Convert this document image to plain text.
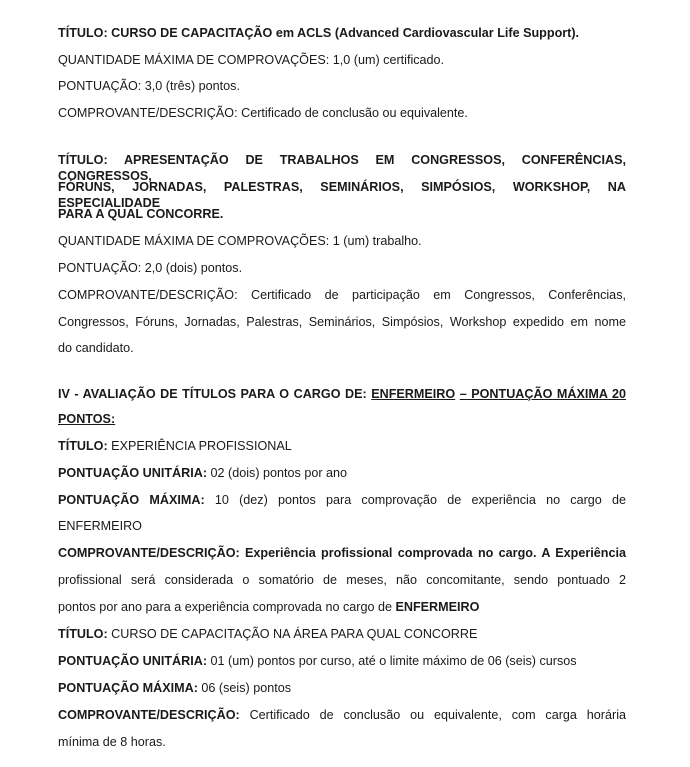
TÍTULO: CURSO DE CAPACITAÇÃO em ACLS (Advanced Cardiovascular Life Support).
QUANTIDADE MÁXIMA DE COMPROVAÇÕES: 1,0 (um) certificado.
PONTUAÇÃO: 3,0 (três) pontos.
COMPROVANTE/DESCRIÇÃO: Certificado de conclusão ou equivalente.
TÍTULO: APRESENTAÇÃO DE TRABALHOS EM CONGRESSOS, CONFERÊNCIAS, CONGRESSOS,
FÓRUNS, JORNADAS, PALESTRAS, SEMINÁRIOS, SIMPÓSIOS, WORKSHOP, NA ESPECIALIDADE
PARA A QUAL CONCORRE.
QUANTIDADE MÁXIMA DE COMPROVAÇÕES: 1 (um) trabalho.
PONTUAÇÃO: 2,0 (dois) pontos.
COMPROVANTE/DESCRIÇÃO: Certificado de participação em Congressos, Conferências,
Congressos, Fóruns, Jornadas, Palestras, Seminários, Simpósios, Workshop expedido em nome
do candidato.
IV - AVALIAÇÃO DE TÍTULOS PARA O CARGO DE: ENFERMEIRO – PONTUAÇÃO MÁXIMA 20
PONTOS:
TÍTULO: EXPERIÊNCIA PROFISSIONAL
PONTUAÇÃO UNITÁRIA: 02 (dois) pontos por ano
PONTUAÇÃO MÁXIMA: 10 (dez) pontos para comprovação de experiência no cargo de
ENFERMEIRO
COMPROVANTE/DESCRIÇÃO: Experiência profissional comprovada no cargo. A Experiência
profissional será considerada o somatório de meses, não concomitante, sendo pontuado 2
pontos por ano para a experiência comprovada no cargo de ENFERMEIRO
TÍTULO: CURSO DE CAPACITAÇÃO NA ÁREA PARA QUAL CONCORRE
PONTUAÇÃO UNITÁRIA: 01 (um) pontos por curso, até o limite máximo de 06 (seis) cursos
PONTUAÇÃO MÁXIMA: 06 (seis) pontos
COMPROVANTE/DESCRIÇÃO: Certificado de conclusão ou equivalente, com carga horária
mínima de 8 horas.
